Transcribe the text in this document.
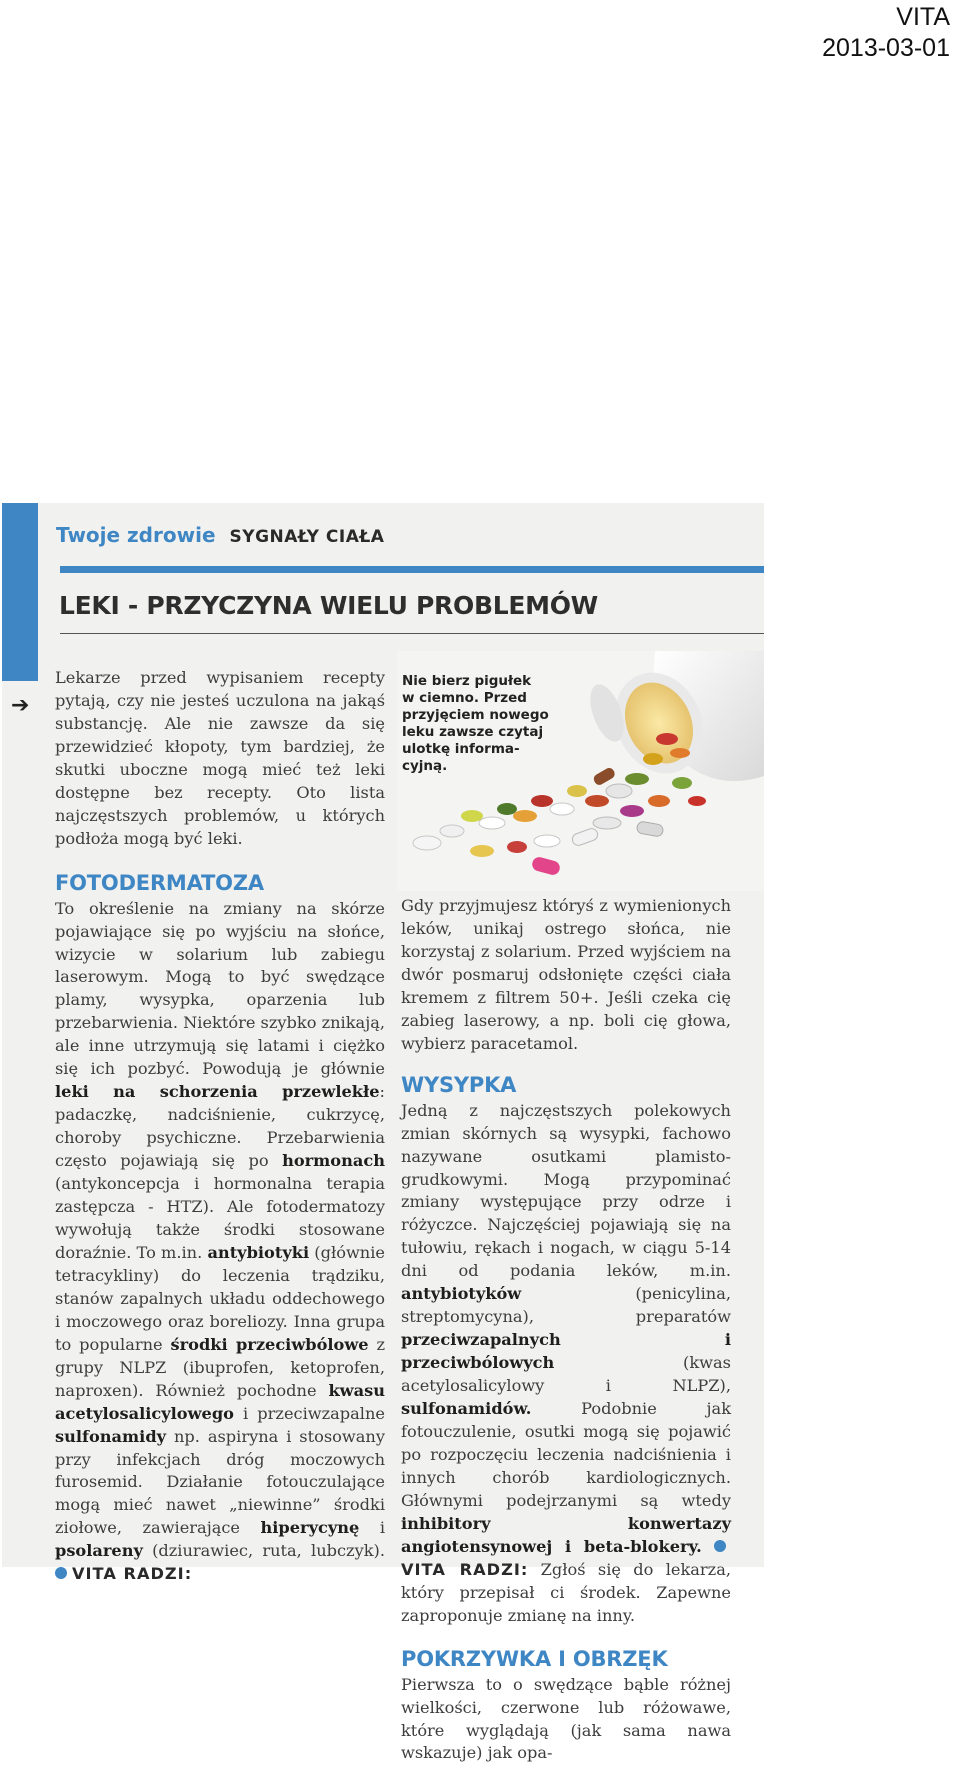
VITA
2013-03-01
Twoje zdrowie SYGNAŁY CIAŁA
LEKI - PRZYCZYNA WIELU PROBLEMÓW
➔
Nie bierz pigułek
w ciemno. Przed
przyjęciem nowego
leku zawsze czytaj
ulotkę informa-
cyjną.

Lekarze przed wypisaniem recepty pytają, czy nie jesteś uczulona na jakąś substancję. Ale nie zawsze da się przewidzieć kłopoty, tym bardziej, że skutki uboczne mogą mieć też leki dostępne bez recepty. Oto lista najczęstszych problemów, u których podłoża mogą być leki.

FOTODERMATOZA

To określenie na zmiany na skórze pojawiające się po wyjściu na słońce, wizycie w solarium lub zabiegu laserowym. Mogą to być swędzące plamy, wysypka, oparzenia lub przebarwienia. Niektóre szybko znikają, ale inne utrzymują się latami i ciężko się ich pozbyć. Powodują je głównie leki na schorzenia przewlekłe: padaczkę, nadciśnienie, cukrzycę, choroby psychiczne. Przebarwienia często pojawiają się po hormonach (antykoncepcja i hormonalna terapia zastępcza - HTZ). Ale fotodermatozy wywołują także środki stosowane doraźnie. To m.in. antybiotyki (głównie tetracykliny) do leczenia trądziku, stanów zapalnych układu oddechowego i moczowego oraz boreliozy. Inna grupa to popularne środki przeciwbólowe z grupy NLPZ (ibuprofen, ketoprofen, naproxen). Również pochodne kwasu acetylosalicylowego i przeciwzapalne sulfonamidy np. aspiryna i stosowany przy infekcjach dróg moczowych furosemid. Działanie fotouczulające mogą mieć nawet „niewinne” środki ziołowe, zawierające hiperycynę i psolareny (dziurawiec, ruta, lubczyk). VITA RADZI:

Gdy przyjmujesz któryś z wymienionych leków, unikaj ostrego słońca, nie korzystaj z solarium. Przed wyjściem na dwór posmaruj odsłonięte części ciała kremem z filtrem 50+. Jeśli czeka cię zabieg laserowy, a np. boli cię głowa, wybierz paracetamol.

WYSYPKA

Jedną z najczęstszych polekowych zmian skórnych są wysypki, fachowo nazywane osutkami plamisto-grudkowymi. Mogą przypominać zmiany występujące przy odrze i różyczce. Najczęściej pojawiają się na tułowiu, rękach i nogach, w ciągu 5-14 dni od podania leków, m.in. antybiotyków (penicylina, streptomycyna), preparatów przeciwzapalnych i przeciwbólowych (kwas acetylosalicylowy i NLPZ), sulfonamidów. Podobnie jak fotouczulenie, osutki mogą się pojawić po rozpoczęciu leczenia nadciśnienia i innych chorób kardiologicznych. Głównymi podejrzanymi są wtedy inhibitory konwertazy angiotensynowej i beta-blokery. VITA RADZI: Zgłoś się do lekarza, który przepisał ci środek. Zapewne zaproponuje zmianę na inny.

POKRZYWKA I OBRZĘK

Pierwsza to o swędzące bąble różnej wielkości, czerwone lub różowawe, które wyglądają (jak sama nawa wskazuje) jak opa-
